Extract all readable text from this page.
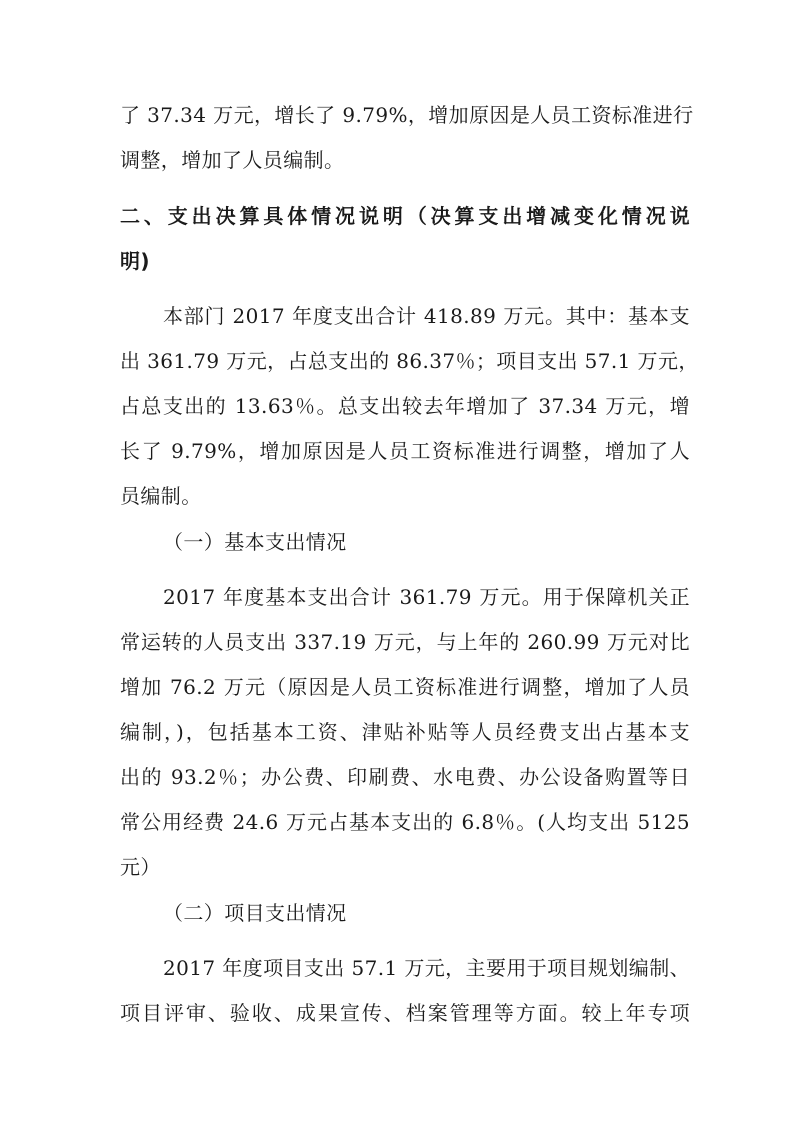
了 37.34 万元，增长了 9.79%，增加原因是人员工资标准进行
调整，增加了人员编制。
二、支出决算具体情况说明（决算支出增减变化情况说
明)
本部门 2017 年度支出合计 418.89 万元。其中：基本支
出 361.79 万元，占总支出的 86.37％；项目支出 57.1 万元，
占总支出的 13.63％。总支出较去年增加了 37.34 万元，增
长了 9.79%，增加原因是人员工资标准进行调整，增加了人
员编制。
（一）基本支出情况
2017 年度基本支出合计 361.79 万元。用于保障机关正
常运转的人员支出 337.19 万元，与上年的 260.99 万元对比
增加 76.2 万元（原因是人员工资标准进行调整，增加了人员
编制，)，包括基本工资、津贴补贴等人员经费支出占基本支
出的 93.2％；办公费、印刷费、水电费、办公设备购置等日
常公用经费 24.6 万元占基本支出的 6.8％。(人均支出 5125
元）
（二）项目支出情况
2017 年度项目支出 57.1 万元，主要用于项目规划编制、
项目评审、验收、成果宣传、档案管理等方面。较上年专项
